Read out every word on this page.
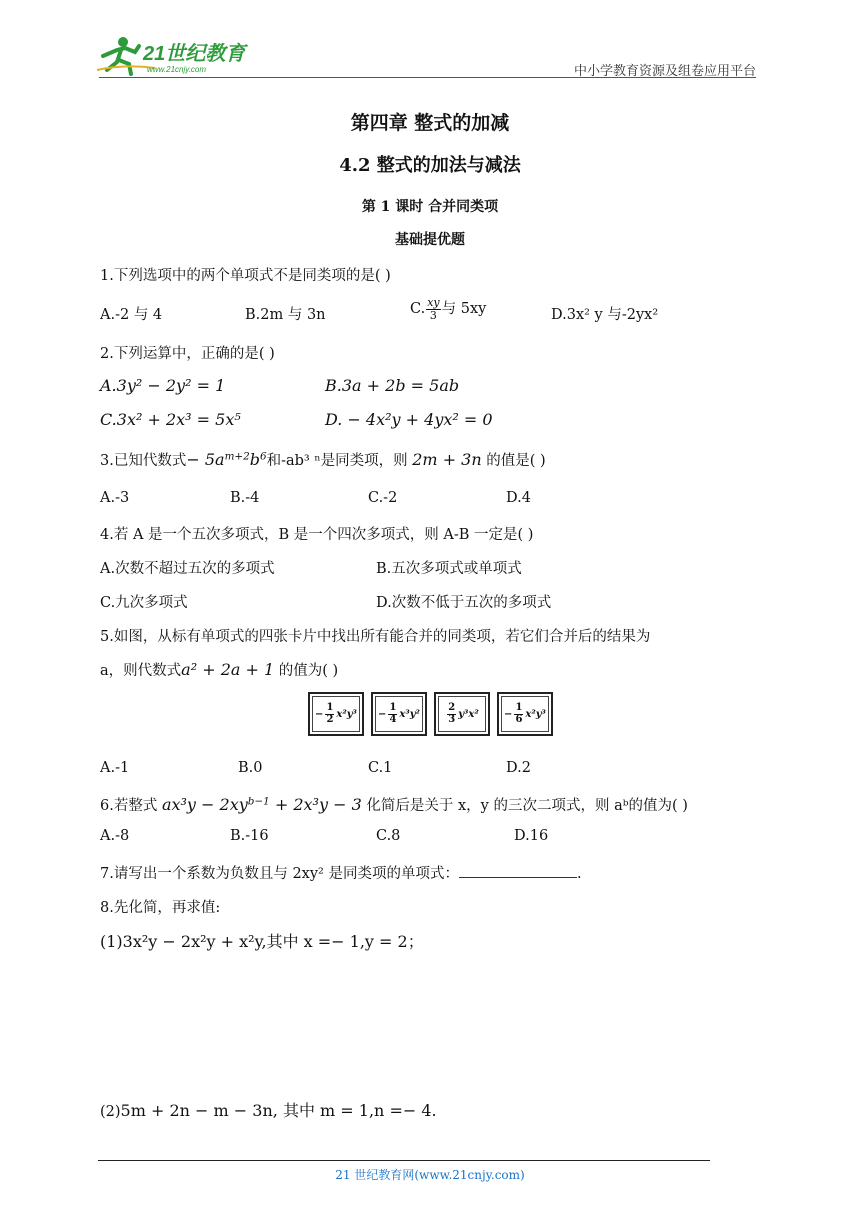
21世纪教育
www.21cnjy.com	中小学教育资源及组卷应用平台
第四章 整式的加减
4.2 整式的加法与减法
第 1 课时 合并同类项
基础提优题
1.下列选项中的两个单项式不是同类项的是( )
A.-2 与 4	B.2m 与 3n	C. $\frac{xy}{3}$ 与 5xy	D.3x² y 与-2yx²
2.下列运算中，正确的是( )
A.3y² − 2y² = 1	B.3a + 2b = 5ab
C.3x² + 2x³ = 5x⁵	D. − 4x²y + 4yx² = 0
3.已知代数式− $5a^{m+2}b^6$和-ab³ ⁿ是同类项，则 2m + 3n 的值是( )
A.-3	B.-4	C.-2	D.4
4.若 A 是一个五次多项式，B 是一个四次多项式，则 A-B 一定是( )
A.次数不超过五次的多项式	B.五次多项式或单项式
C.九次多项式	D.次数不低于五次的多项式
5.如图，从标有单项式的四张卡片中找出所有能合并的同类项，若它们合并后的结果为
a，则代数式a² + 2a + 1 的值为( )
− $\frac{1}{2} x^2y^3 - \frac{1}{4} x^3y^2$	$\frac{2}{3} y^3x^2$	− $\frac{1}{6} x^2y^3$
A.-1	B.0	C.1	D.2
6.若整式 $ax^3y - 2xy^{b-1} + 2x^3y - 3$ 化简后是关于 x，y 的三次二项式，则 aᵇ的值为( )
A.-8	B.-16	C.8	D.16
7.请写出一个系数为负数且与 2xy² 是同类项的单项式：	.
8.先化简，再求值:
(1)3x²y − 2x²y + x²y,其中 x =− 1,y = 2；
(2)5m + 2n − m − 3n, 其中 m = 1,n =− 4.
21 世纪教育网(www.21cnjy.com)
